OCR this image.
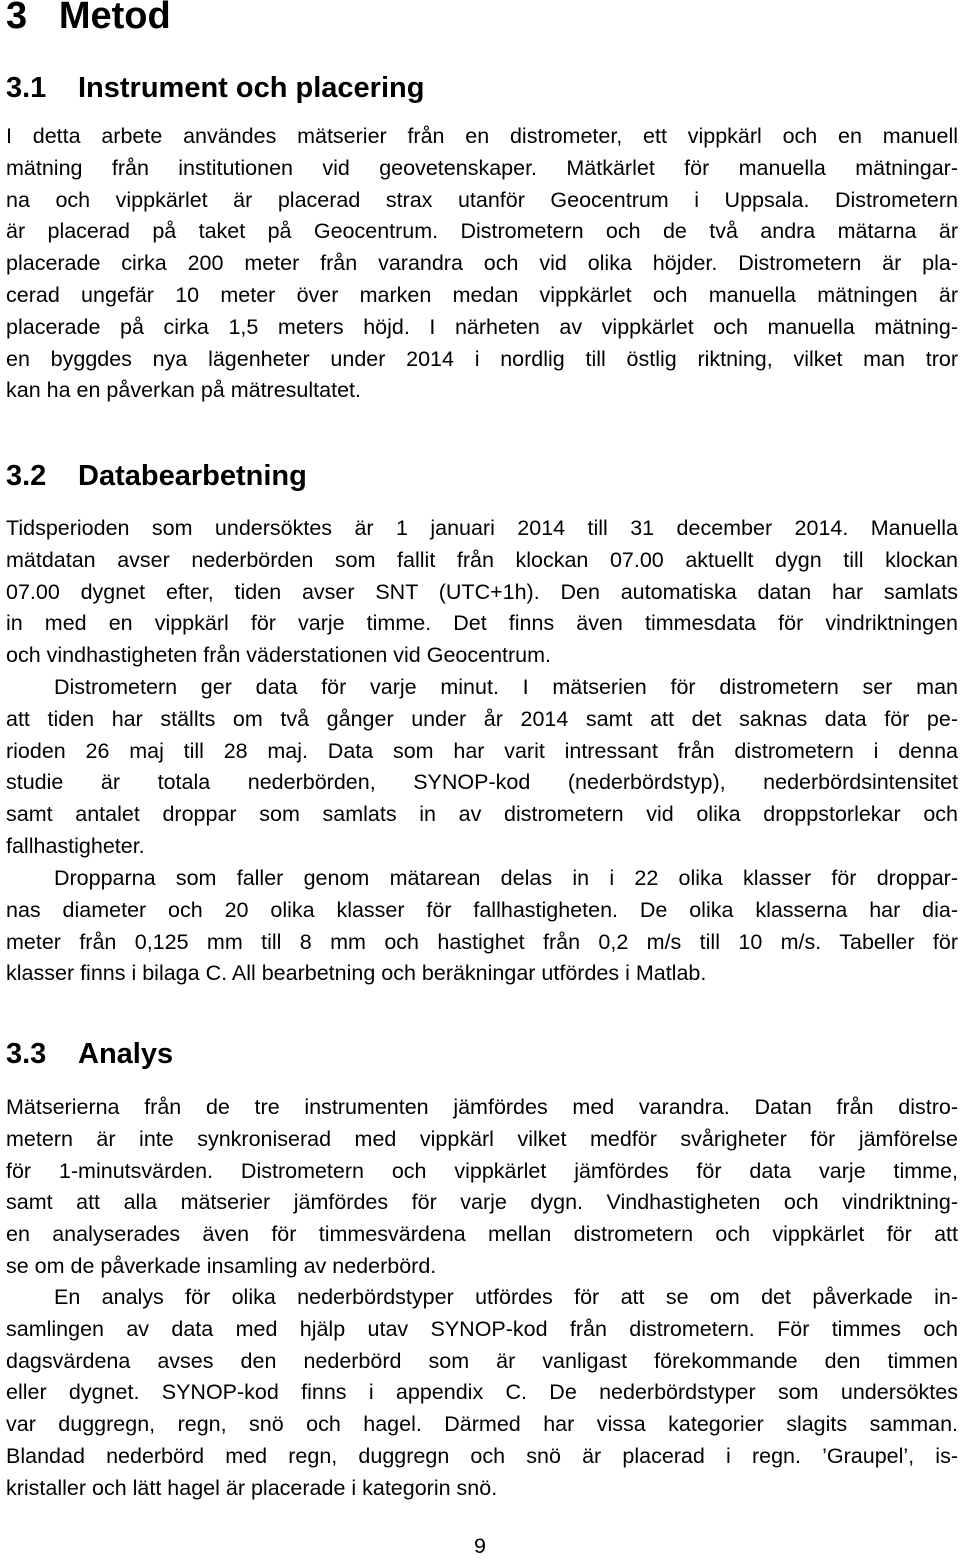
3 Metod
3.1 Instrument och placering
I detta arbete användes mätserier från en distrometer, ett vippkärl och en manuell
mätning från institutionen vid geovetenskaper. Mätkärlet för manuella mätningar-
na och vippkärlet är placerad strax utanför Geocentrum i Uppsala. Distrometern
är placerad på taket på Geocentrum. Distrometern och de två andra mätarna är
placerade cirka 200 meter från varandra och vid olika höjder. Distrometern är pla-
cerad ungefär 10 meter över marken medan vippkärlet och manuella mätningen är
placerade på cirka 1,5 meters höjd. I närheten av vippkärlet och manuella mätning-
en byggdes nya lägenheter under 2014 i nordlig till östlig riktning, vilket man tror
kan ha en påverkan på mätresultatet.
3.2 Databearbetning
Tidsperioden som undersöktes är 1 januari 2014 till 31 december 2014. Manuella
mätdatan avser nederbörden som fallit från klockan 07.00 aktuellt dygn till klockan
07.00 dygnet efter, tiden avser SNT (UTC+1h). Den automatiska datan har samlats
in med en vippkärl för varje timme. Det finns även timmesdata för vindriktningen
och vindhastigheten från väderstationen vid Geocentrum.
Distrometern ger data för varje minut. I mätserien för distrometern ser man
att tiden har ställts om två gånger under år 2014 samt att det saknas data för pe-
rioden 26 maj till 28 maj. Data som har varit intressant från distrometern i denna
studie är totala nederbörden, SYNOP-kod (nederbördstyp), nederbördsintensitet
samt antalet droppar som samlats in av distrometern vid olika droppstorlekar och
fallhastigheter.
Dropparna som faller genom mätarean delas in i 22 olika klasser för droppar-
nas diameter och 20 olika klasser för fallhastigheten. De olika klasserna har dia-
meter från 0,125 mm till 8 mm och hastighet från 0,2 m/s till 10 m/s. Tabeller för
klasser finns i bilaga C. All bearbetning och beräkningar utfördes i Matlab.
3.3 Analys
Mätserierna från de tre instrumenten jämfördes med varandra. Datan från distro-
metern är inte synkroniserad med vippkärl vilket medför svårigheter för jämförelse
för 1-minutsvärden. Distrometern och vippkärlet jämfördes för data varje timme,
samt att alla mätserier jämfördes för varje dygn. Vindhastigheten och vindriktning-
en analyserades även för timmesvärdena mellan distrometern och vippkärlet för att
se om de påverkade insamling av nederbörd.
En analys för olika nederbördstyper utfördes för att se om det påverkade in-
samlingen av data med hjälp utav SYNOP-kod från distrometern. För timmes och
dagsvärdena avses den nederbörd som är vanligast förekommande den timmen
eller dygnet. SYNOP-kod finns i appendix C. De nederbördstyper som undersöktes
var duggregn, regn, snö och hagel. Därmed har vissa kategorier slagits samman.
Blandad nederbörd med regn, duggregn och snö är placerad i regn. ’Graupel’, is-
kristaller och lätt hagel är placerade i kategorin snö.
9
